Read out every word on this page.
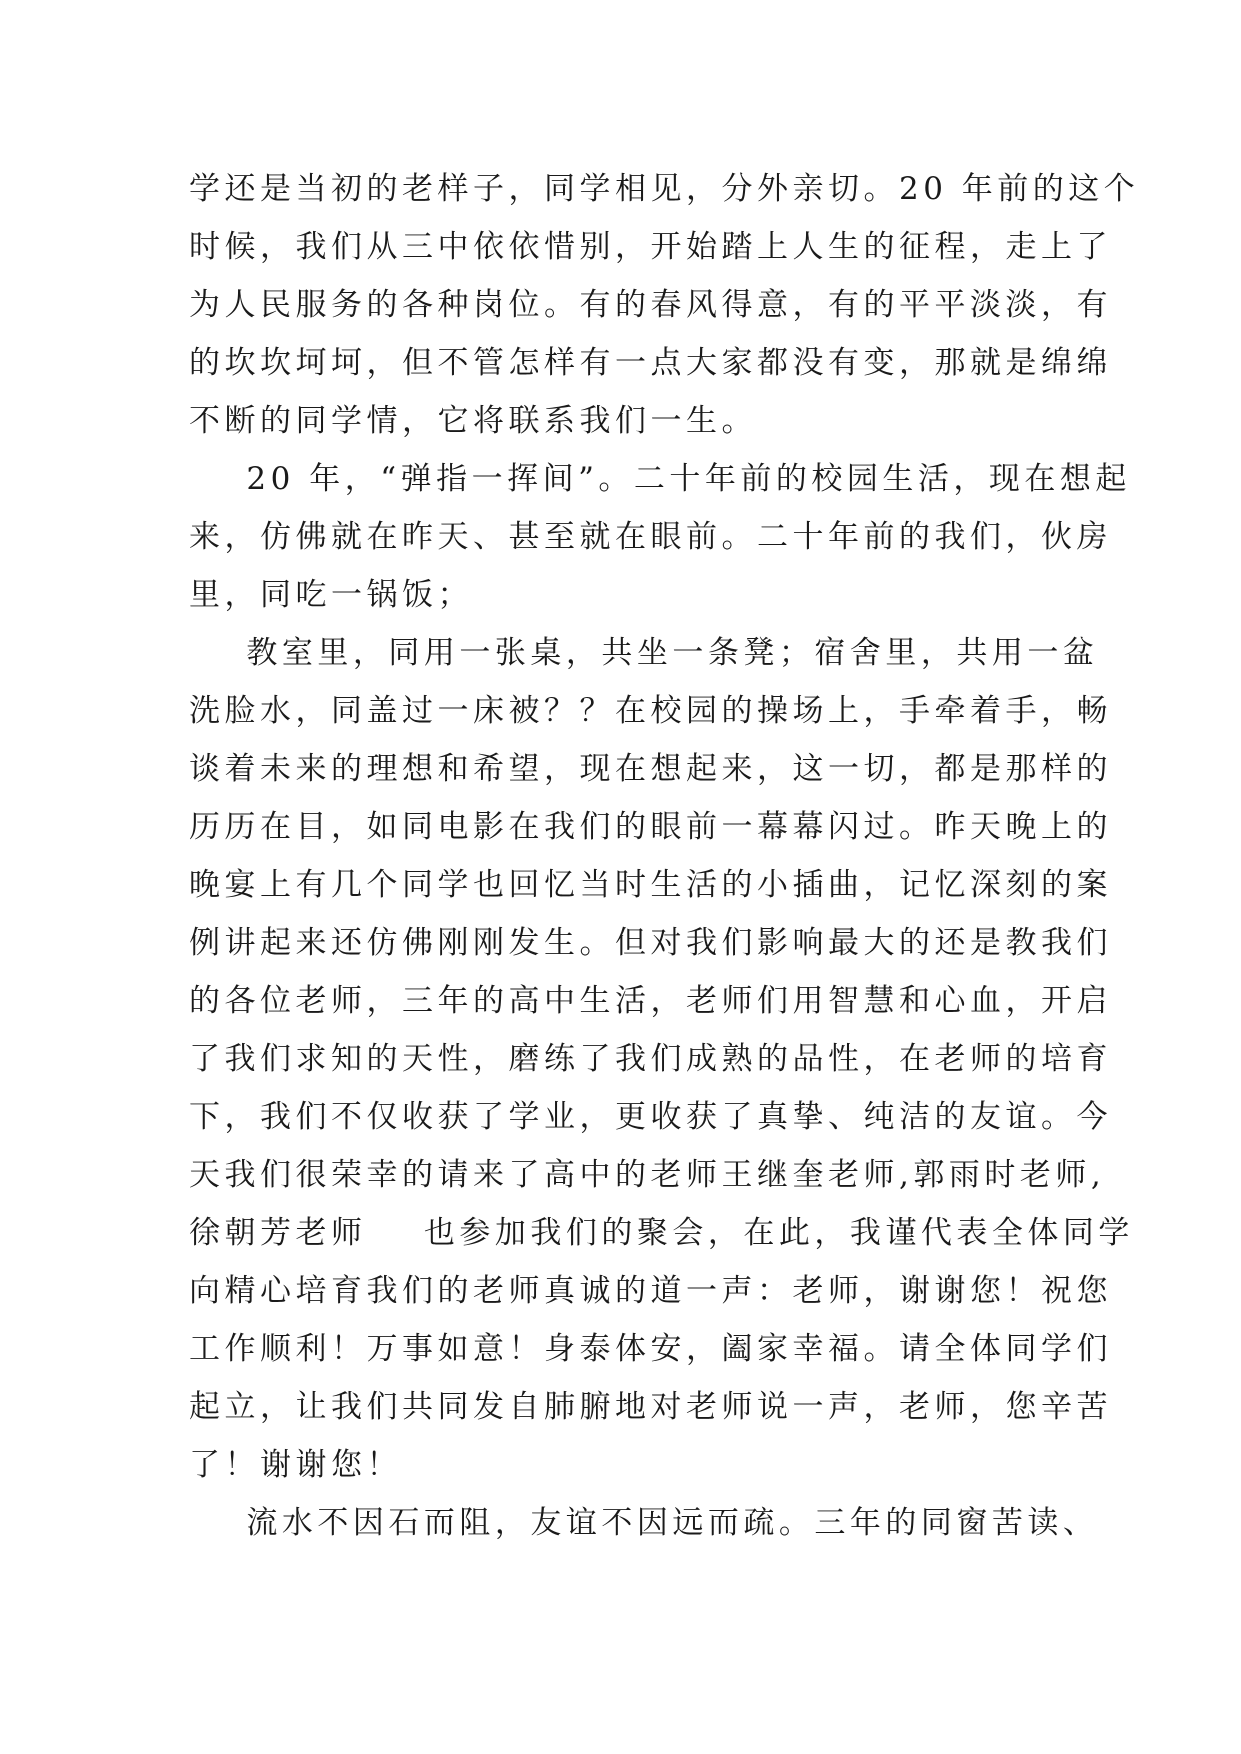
学还是当初的老样子，同学相见，分外亲切。20 年前的这个
时候，我们从三中依依惜别，开始踏上人生的征程，走上了
为人民服务的各种岗位。有的春风得意，有的平平淡淡，有
的坎坎坷坷，但不管怎样有一点大家都没有变，那就是绵绵
不断的同学情，它将联系我们一生。
20 年，“弹指一挥间”。二十年前的校园生活，现在想起
来，仿佛就在昨天、甚至就在眼前。二十年前的我们，伙房
里，同吃一锅饭；
教室里，同用一张桌，共坐一条凳；宿舍里，共用一盆
洗脸水，同盖过一床被？？在校园的操场上，手牵着手，畅
谈着未来的理想和希望，现在想起来，这一切，都是那样的
历历在目，如同电影在我们的眼前一幕幕闪过。昨天晚上的
晚宴上有几个同学也回忆当时生活的小插曲，记忆深刻的案
例讲起来还仿佛刚刚发生。但对我们影响最大的还是教我们
的各位老师，三年的高中生活，老师们用智慧和心血，开启
了我们求知的天性，磨练了我们成熟的品性，在老师的培育
下，我们不仅收获了学业，更收获了真挚、纯洁的友谊。今
天我们很荣幸的请来了高中的老师王继奎老师,郭雨时老师,
徐朝芳老师    也参加我们的聚会，在此，我谨代表全体同学
向精心培育我们的老师真诚的道一声：老师，谢谢您！祝您
工作顺利！万事如意！身泰体安，阖家幸福。请全体同学们
起立，让我们共同发自肺腑地对老师说一声，老师，您辛苦
了！谢谢您！
流水不因石而阻，友谊不因远而疏。三年的同窗苦读、
